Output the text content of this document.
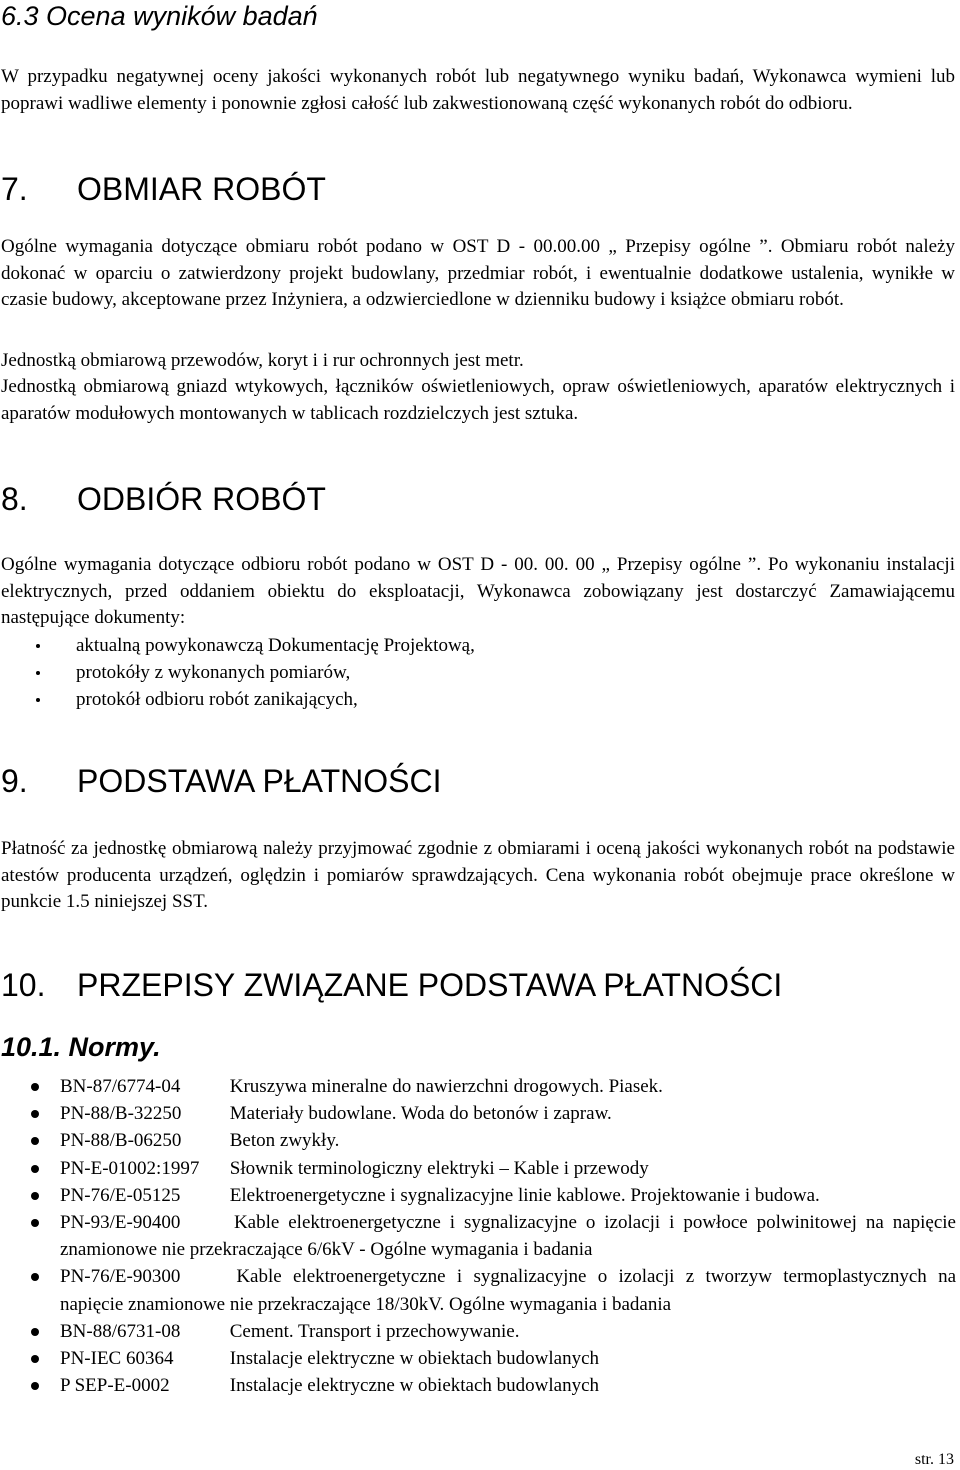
6.3 Ocena wyników badań

W przypadku negatywnej oceny jakości wykonanych robót lub negatywnego wyniku badań, Wykonawca wymieni lub poprawi wadliwe elementy i ponownie zgłosi całość lub zakwestionowaną część wykonanych robót do odbioru.

7. OBMIAR ROBÓT

Ogólne wymagania dotyczące obmiaru robót podano w OST D - 00.00.00 „ Przepisy ogólne ”. Obmiaru robót należy dokonać w oparciu o zatwierdzony projekt budowlany, przedmiar robót, i ewentualnie dodatkowe ustalenia, wynikłe w czasie budowy, akceptowane przez Inżyniera, a odzwierciedlone w dzienniku budowy i książce obmiaru robót.

Jednostką obmiarową przewodów, koryt i i rur ochronnych jest metr.

Jednostką obmiarową gniazd wtykowych, łączników oświetleniowych, opraw oświetleniowych, aparatów elektrycznych i aparatów modułowych montowanych w tablicach rozdzielczych jest sztuka.

8. ODBIÓR ROBÓT

Ogólne wymagania dotyczące odbioru robót podano w OST D - 00. 00. 00 „ Przepisy ogólne ”. Po wykonaniu instalacji elektrycznych, przed oddaniem obiektu do eksploatacji, Wykonawca zobowiązany jest dostarczyć Zamawiającemu następujące dokumenty:

aktualną powykonawczą Dokumentację Projektową,
protokóły z wykonanych pomiarów,
protokół odbioru robót zanikających,
9. PODSTAWA PŁATNOŚCI

Płatność za jednostkę obmiarową należy przyjmować zgodnie z obmiarami i oceną jakości wykonanych robót na podstawie atestów producenta urządzeń, oględzin i pomiarów sprawdzających. Cena wykonania robót obejmuje prace określone w punkcie 1.5 niniejszej SST.

10. PRZEPISY ZWIĄZANE PODSTAWA PŁATNOŚCI
10.1. Normy.
BN-87/6774-04	Kruszywa mineralne do nawierzchni drogowych. Piasek.
PN-88/B-32250	Materiały budowlane. Woda do betonów i zapraw.
PN-88/B-06250	Beton zwykły.
PN-E-01002:1997 Słownik terminologiczny elektryki – Kable i przewody
PN-76/E-05125	Elektroenergetyczne i sygnalizacyjne linie kablowe. Projektowanie i budowa.
PN-93/E-90400	Kable elektroenergetyczne i sygnalizacyjne o izolacji i powłoce polwinitowej na napięcie znamionowe nie przekraczające 6/6kV - Ogólne wymagania i badania
PN-76/E-90300	Kable elektroenergetyczne i sygnalizacyjne o izolacji z tworzyw termoplastycznych na napięcie znamionowe nie przekraczające 18/30kV. Ogólne wymagania i badania
BN-88/6731-08	Cement. Transport i przechowywanie.
PN-IEC 60364	Instalacje elektryczne w obiektach budowlanych
P SEP-E-0002	Instalacje elektryczne w obiektach budowlanych
str. 13
